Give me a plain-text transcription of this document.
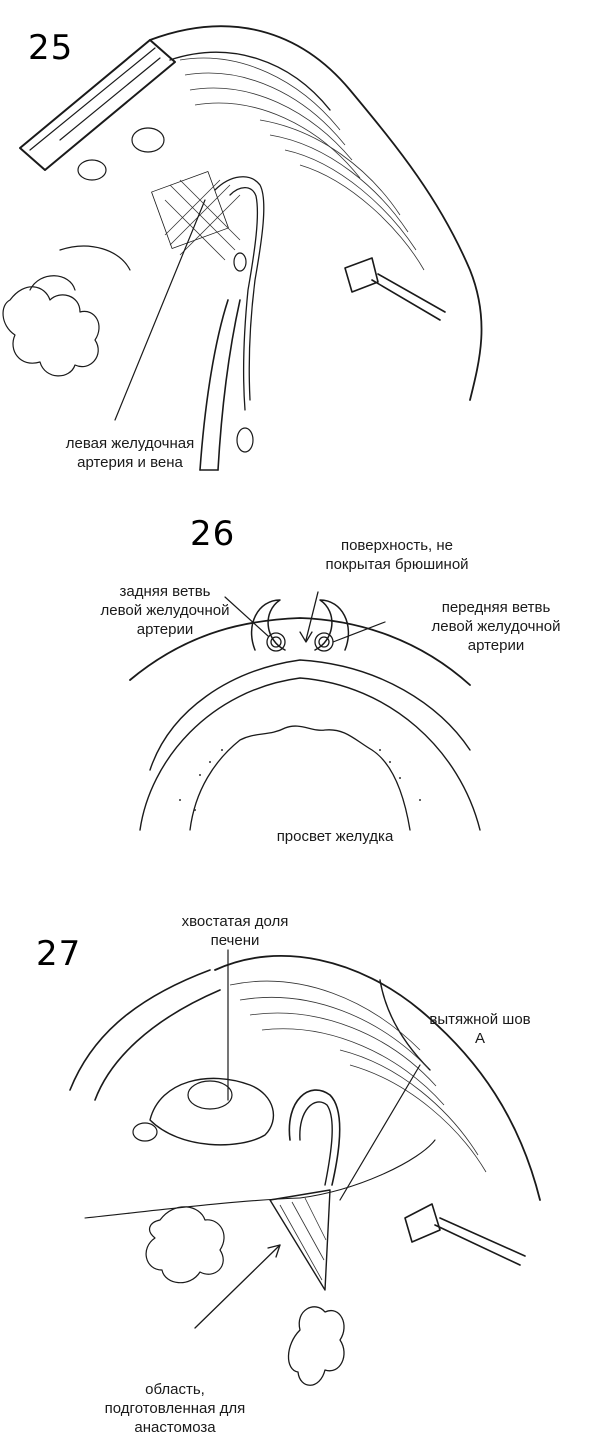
25
левая желудочная
артерия и вена
26	поверхность, не
покрытая брюшиной
задняя ветвь
левой желудочной
артерии
передняя ветвь
левой желудочной
артерии
просвет желудка
27
хвостатая доля
печени
вытяжной шов
А
область,
подготовленная для
анастомоза
